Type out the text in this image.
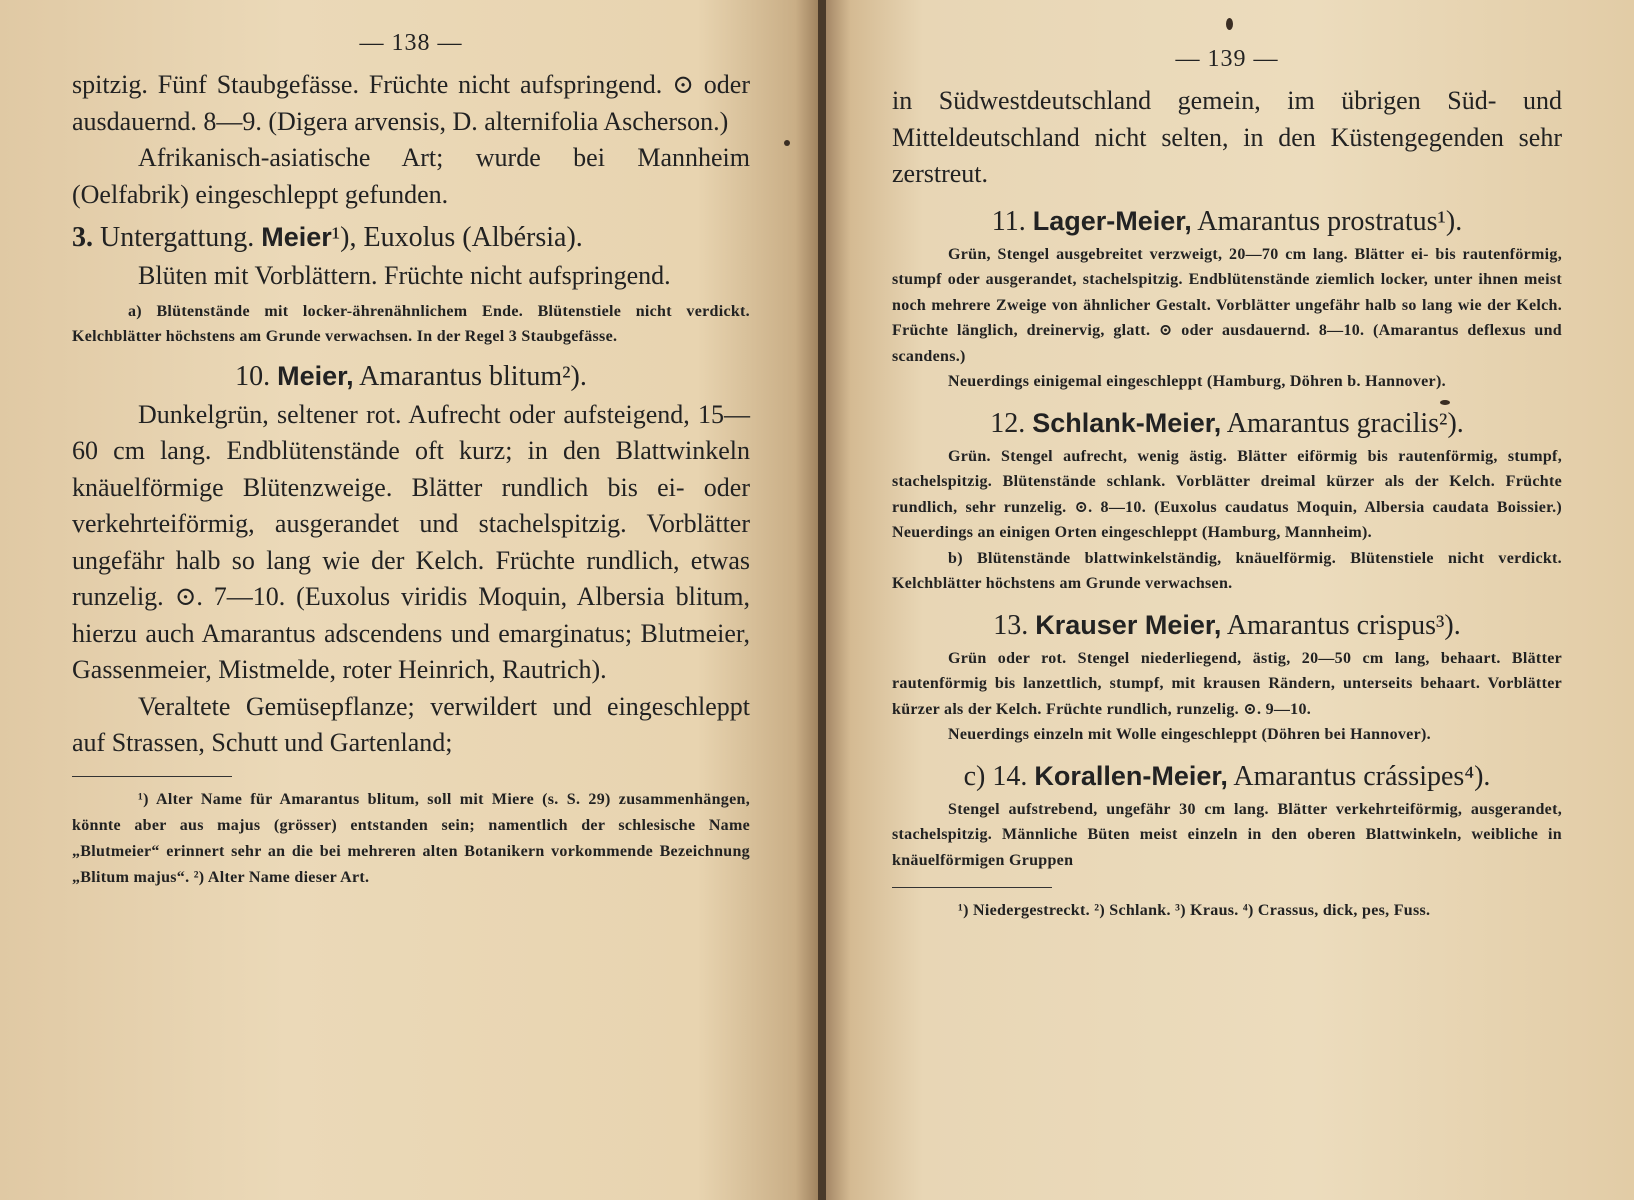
— 138 —

spitzig. Fünf Staubgefässe. Früchte nicht aufspringend. ⊙ oder ausdauernd. 8—9. (Digera arvensis, D. alternifolia Ascherson.)

Afrikanisch-asiatische Art; wurde bei Mannheim (Oelfabrik) eingeschleppt gefunden.

3. Untergattung. Meier¹), Euxolus (Albérsia).

Blüten mit Vorblättern. Früchte nicht aufspringend.

a) Blütenstände mit locker-ährenähnlichem Ende. Blütenstiele nicht verdickt. Kelchblätter höchstens am Grunde verwachsen. In der Regel 3 Staubgefässe.

10. Meier, Amarantus blitum²).

Dunkelgrün, seltener rot. Aufrecht oder aufsteigend, 15—60 cm lang. Endblütenstände oft kurz; in den Blattwinkeln knäuelförmige Blütenzweige. Blätter rundlich bis ei- oder verkehrteiförmig, ausgerandet und stachelspitzig. Vorblätter ungefähr halb so lang wie der Kelch. Früchte rundlich, etwas runzelig. ⊙. 7—10. (Euxolus viridis Moquin, Albersia blitum, hierzu auch Amarantus adscendens und emarginatus; Blutmeier, Gassenmeier, Mistmelde, roter Heinrich, Rautrich).

Veraltete Gemüsepflanze; verwildert und eingeschleppt auf Strassen, Schutt und Gartenland;

¹) Alter Name für Amarantus blitum, soll mit Miere (s. S. 29) zusammenhängen, könnte aber aus majus (grösser) entstanden sein; namentlich der schlesische Name „Blutmeier“ erinnert sehr an die bei mehreren alten Botanikern vorkommende Bezeichnung „Blitum majus“. ²) Alter Name dieser Art.

— 139 —

in Südwestdeutschland gemein, im übrigen Süd- und Mitteldeutschland nicht selten, in den Küstengegenden sehr zerstreut.

11. Lager-Meier, Amarantus prostratus¹).

Grün, Stengel ausgebreitet verzweigt, 20—70 cm lang. Blätter ei- bis rautenförmig, stumpf oder ausgerandet, stachelspitzig. Endblütenstände ziemlich locker, unter ihnen meist noch mehrere Zweige von ähnlicher Gestalt. Vorblätter ungefähr halb so lang wie der Kelch. Früchte länglich, dreinervig, glatt. ⊙ oder ausdauernd. 8—10. (Amarantus deflexus und scandens.)

Neuerdings einigemal eingeschleppt (Hamburg, Döhren b. Hannover).

12. Schlank-Meier, Amarantus gracilis²).

Grün. Stengel aufrecht, wenig ästig. Blätter eiförmig bis rautenförmig, stumpf, stachelspitzig. Blütenstände schlank. Vorblätter dreimal kürzer als der Kelch. Früchte rundlich, sehr runzelig. ⊙. 8—10. (Euxolus caudatus Moquin, Albersia caudata Boissier.) Neuerdings an einigen Orten eingeschleppt (Hamburg, Mannheim).

b) Blütenstände blattwinkelständig, knäuelförmig. Blütenstiele nicht verdickt. Kelchblätter höchstens am Grunde verwachsen.

13. Krauser Meier, Amarantus crispus³).

Grün oder rot. Stengel niederliegend, ästig, 20—50 cm lang, behaart. Blätter rautenförmig bis lanzettlich, stumpf, mit krausen Rändern, unterseits behaart. Vorblätter kürzer als der Kelch. Früchte rundlich, runzelig. ⊙. 9—10.

Neuerdings einzeln mit Wolle eingeschleppt (Döhren bei Hannover).

c) 14. Korallen-Meier, Amarantus crássipes⁴).

Stengel aufstrebend, ungefähr 30 cm lang. Blätter verkehrteiförmig, ausgerandet, stachelspitzig. Männliche Büten meist einzeln in den oberen Blattwinkeln, weibliche in knäuelförmigen Gruppen

¹) Niedergestreckt. ²) Schlank. ³) Kraus. ⁴) Crassus, dick, pes, Fuss.
